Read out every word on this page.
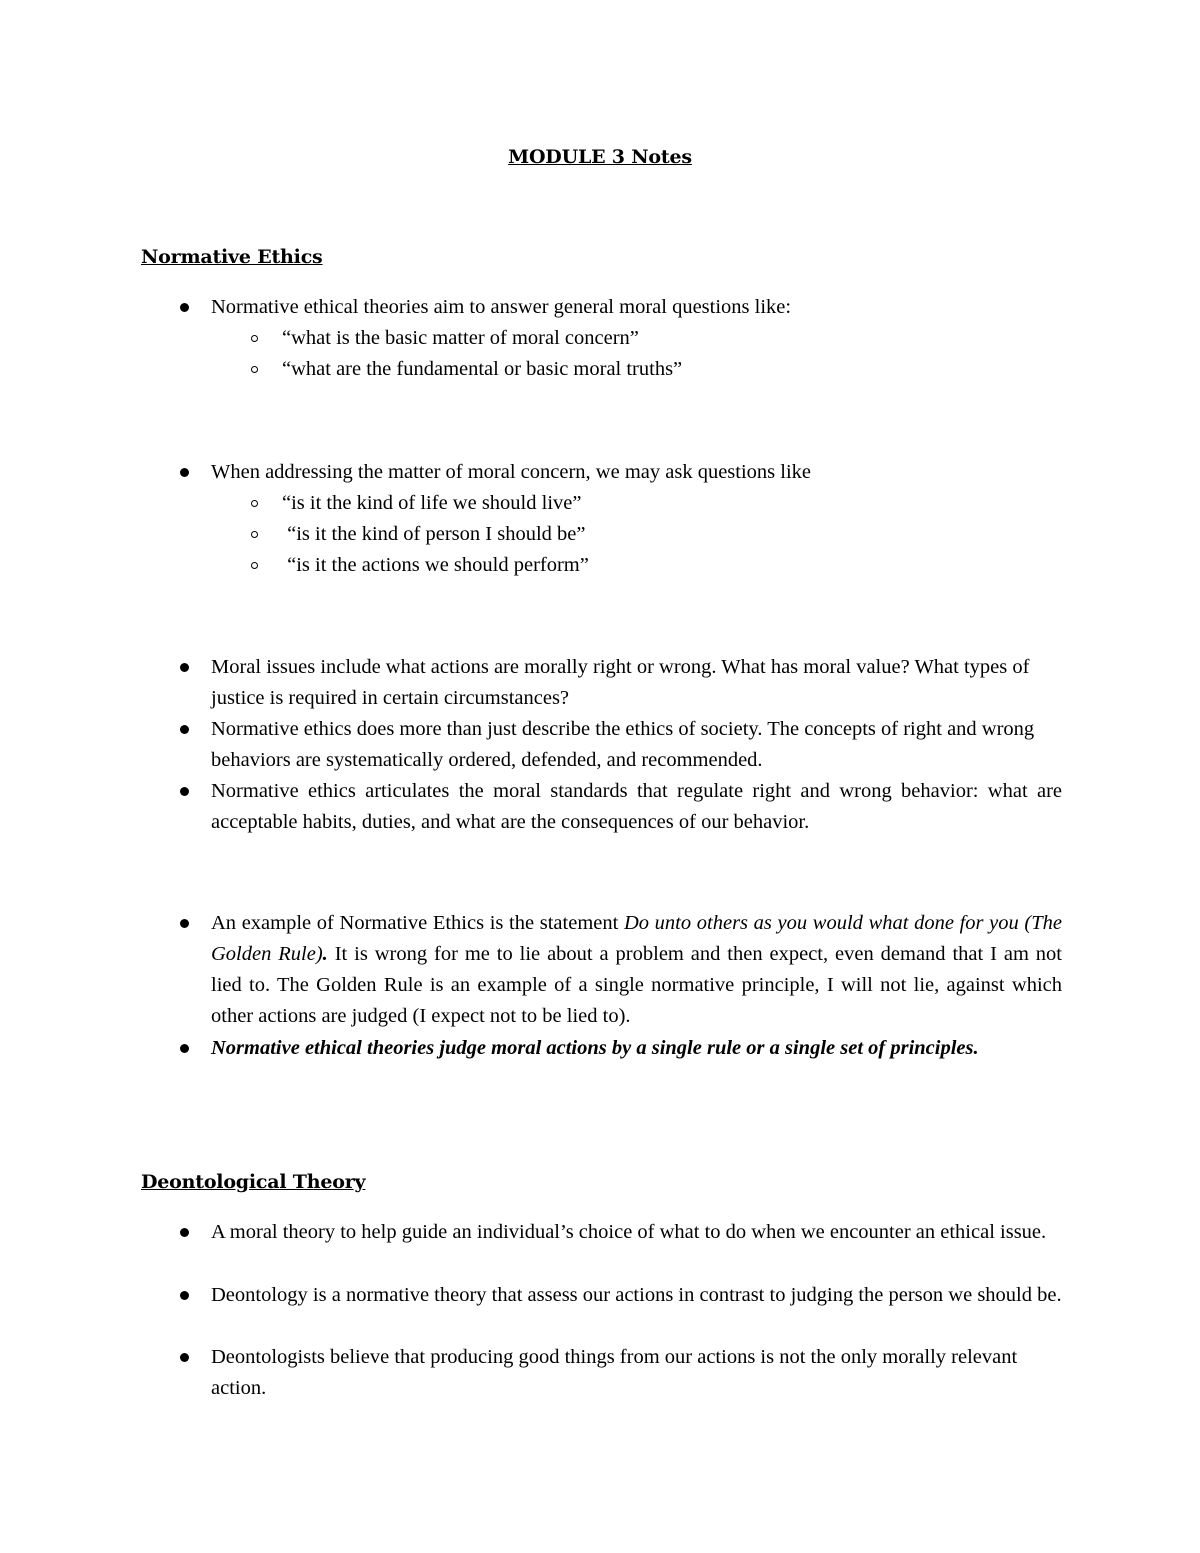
MODULE 3 Notes
Normative Ethics
Normative ethical theories aim to answer general moral questions like:
“what is the basic matter of moral concern”
“what are the fundamental or basic moral truths”
When addressing the matter of moral concern, we may ask questions like
“is it the kind of life we should live”
“is it the kind of person I should be”
“is it the actions we should perform”
Moral issues include what actions are morally right or wrong. What has moral value? What types of justice is required in certain circumstances?
Normative ethics does more than just describe the ethics of society. The concepts of right and wrong behaviors are systematically ordered, defended, and recommended.
Normative ethics articulates the moral standards that regulate right and wrong behavior: what are acceptable habits, duties, and what are the consequences of our behavior.
An example of Normative Ethics is the statement Do unto others as you would what done for you (The Golden Rule). It is wrong for me to lie about a problem and then expect, even demand that I am not lied to. The Golden Rule is an example of a single normative principle, I will not lie, against which other actions are judged (I expect not to be lied to).
Normative ethical theories judge moral actions by a single rule or a single set of principles.
Deontological Theory
A moral theory to help guide an individual’s choice of what to do when we encounter an ethical issue.
Deontology is a normative theory that assess our actions in contrast to judging the person we should be.
Deontologists believe that producing good things from our actions is not the only morally relevant action.
